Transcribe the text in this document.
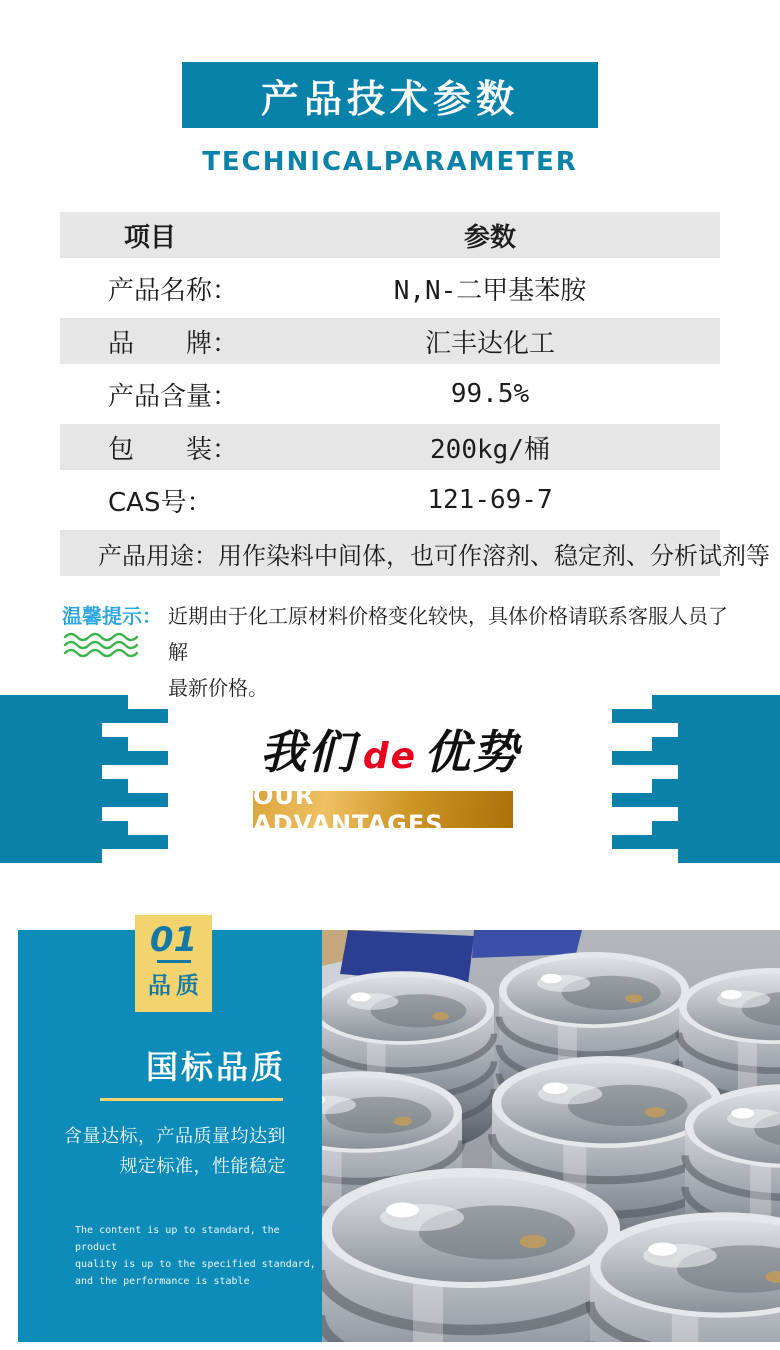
产品技术参数
TECHNICALPARAMETER
项目	参数
产品名称：	N,N-二甲基苯胺
品　　牌：	汇丰达化工
产品含量：	99.5%
包　　装：	200kg/桶
CAS号：	121-69-7
产品用途：用作染料中间体，也可作溶剂、稳定剂、分析试剂等
温馨提示： 近期由于化工原材料价格变化较快，具体价格请联系客服人员了解
最新价格。
我们 de 优势
OUR ADVANTAGES
01
品质
国标品质
含量达标，产品质量均达到
规定标准，性能稳定
The content is up to standard, the product
quality is up to the specified standard,
and the performance is stable
